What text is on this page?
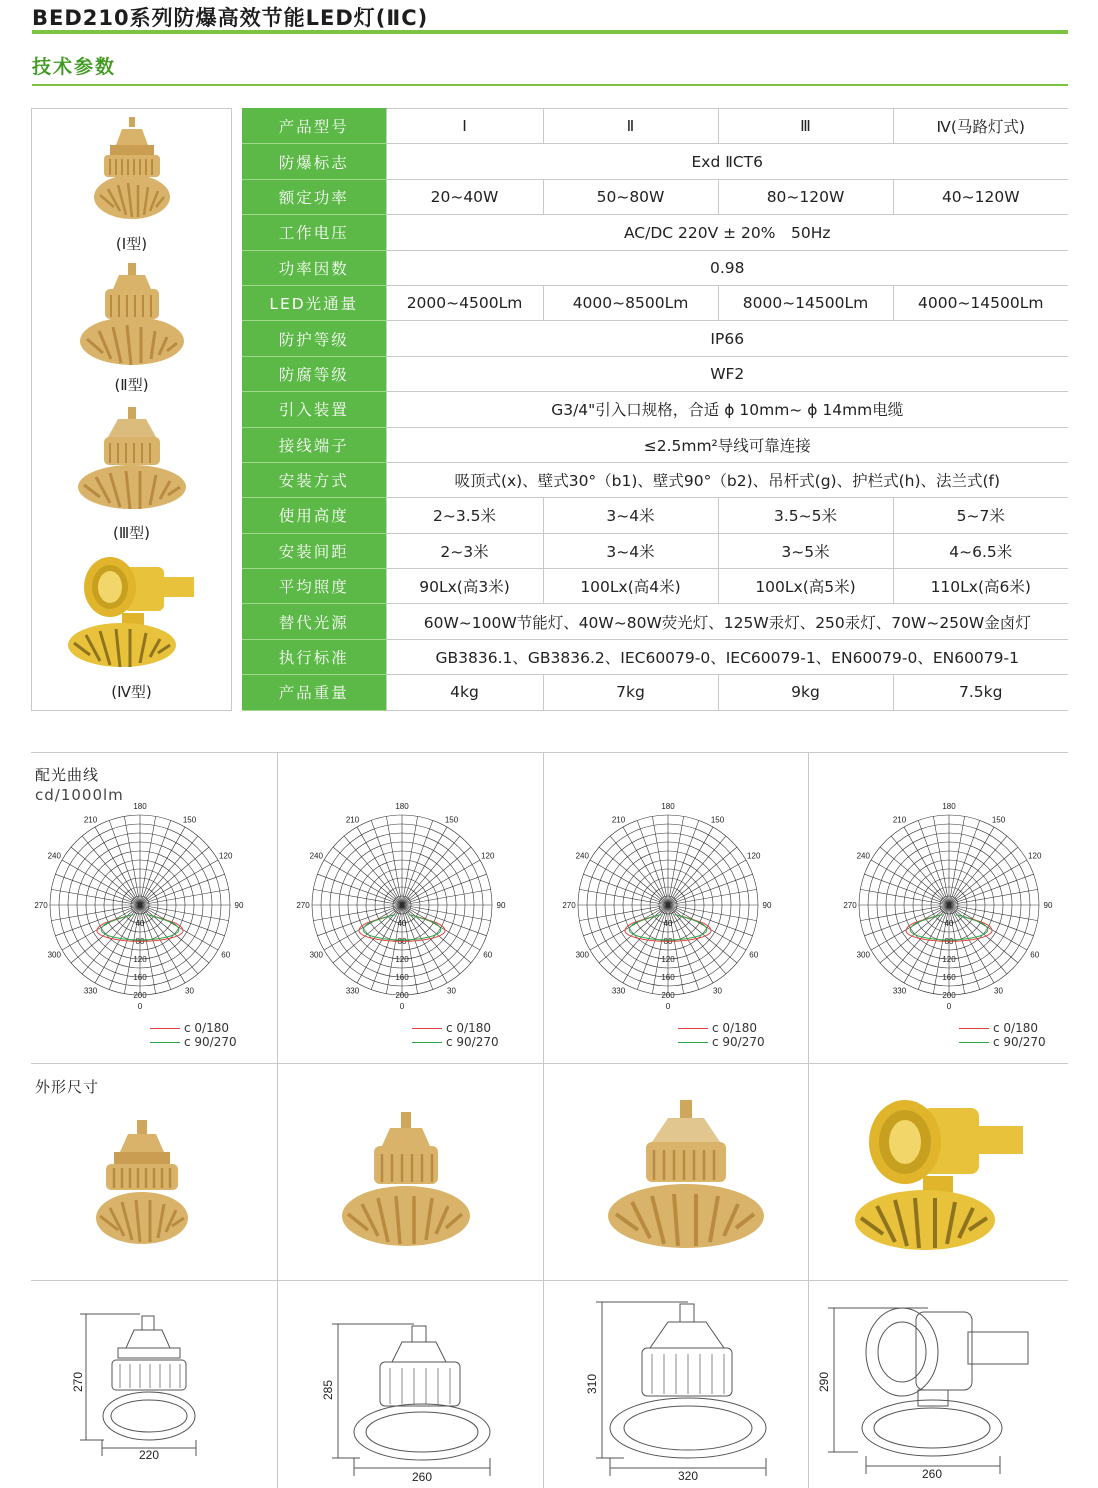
BED210系列防爆高效节能LED灯(ⅡC)
技术参数
(Ⅰ型)
(Ⅱ型)
(Ⅲ型)
(Ⅳ型)
产品型号	Ⅰ	Ⅱ	Ⅲ	Ⅳ(马路灯式)
防爆标志	Exd ⅡCT6			
额定功率	20~40W	50~80W	80~120W	40~120W
工作电压	AC/DC 220V ± 20%　50Hz			
功率因数	0.98			
LED光通量	2000~4500Lm	4000~8500Lm	8000~14500Lm	4000~14500Lm
防护等级	IP66			
防腐等级	WF2			
引入装置	G3/4"引入口规格，合适 ϕ 10mm~ ϕ 14mm电缆			
接线端子	≤2.5mm²导线可靠连接			
安装方式	吸顶式(x)、壁式30°（b1)、壁式90°（b2)、吊杆式(g)、护栏式(h)、法兰式(f)			
使用高度	2~3.5米	3~4米	3.5~5米	5~7米
安装间距	2~3米	3~4米	3~5米	4~6.5米
平均照度	90Lx(高3米)	100Lx(高4米)	100Lx(高5米)	110Lx(高6米)
替代光源	60W~100W节能灯、40W~80W荧光灯、125W汞灯、250汞灯、70W~250W金卤灯			
执行标准	GB3836.1、GB3836.2、IEC60079-0、IEC60079-1、EN60079-0、EN60079-1			
产品重量	4kg	7kg	9kg	7.5kg
配光曲线
cd/1000lm
180
150
120
90
60
30
0
330
300
270
240
210
0
40
80
120
160
200
c 0/180
c 90/270
180
150
120
90
60
30
0
330
300
270
240
210
0
40
80
120
160
200
c 0/180
c 90/270
180
150
120
90
60
30
0
330
300
270
240
210
0
40
80
120
160
200
c 0/180
c 90/270
180
150
120
90
60
30
0
330
300
270
240
210
0
40
80
120
160
200
c 0/180
c 90/270
外形尺寸
270
220
285
260
310
320
290
260
